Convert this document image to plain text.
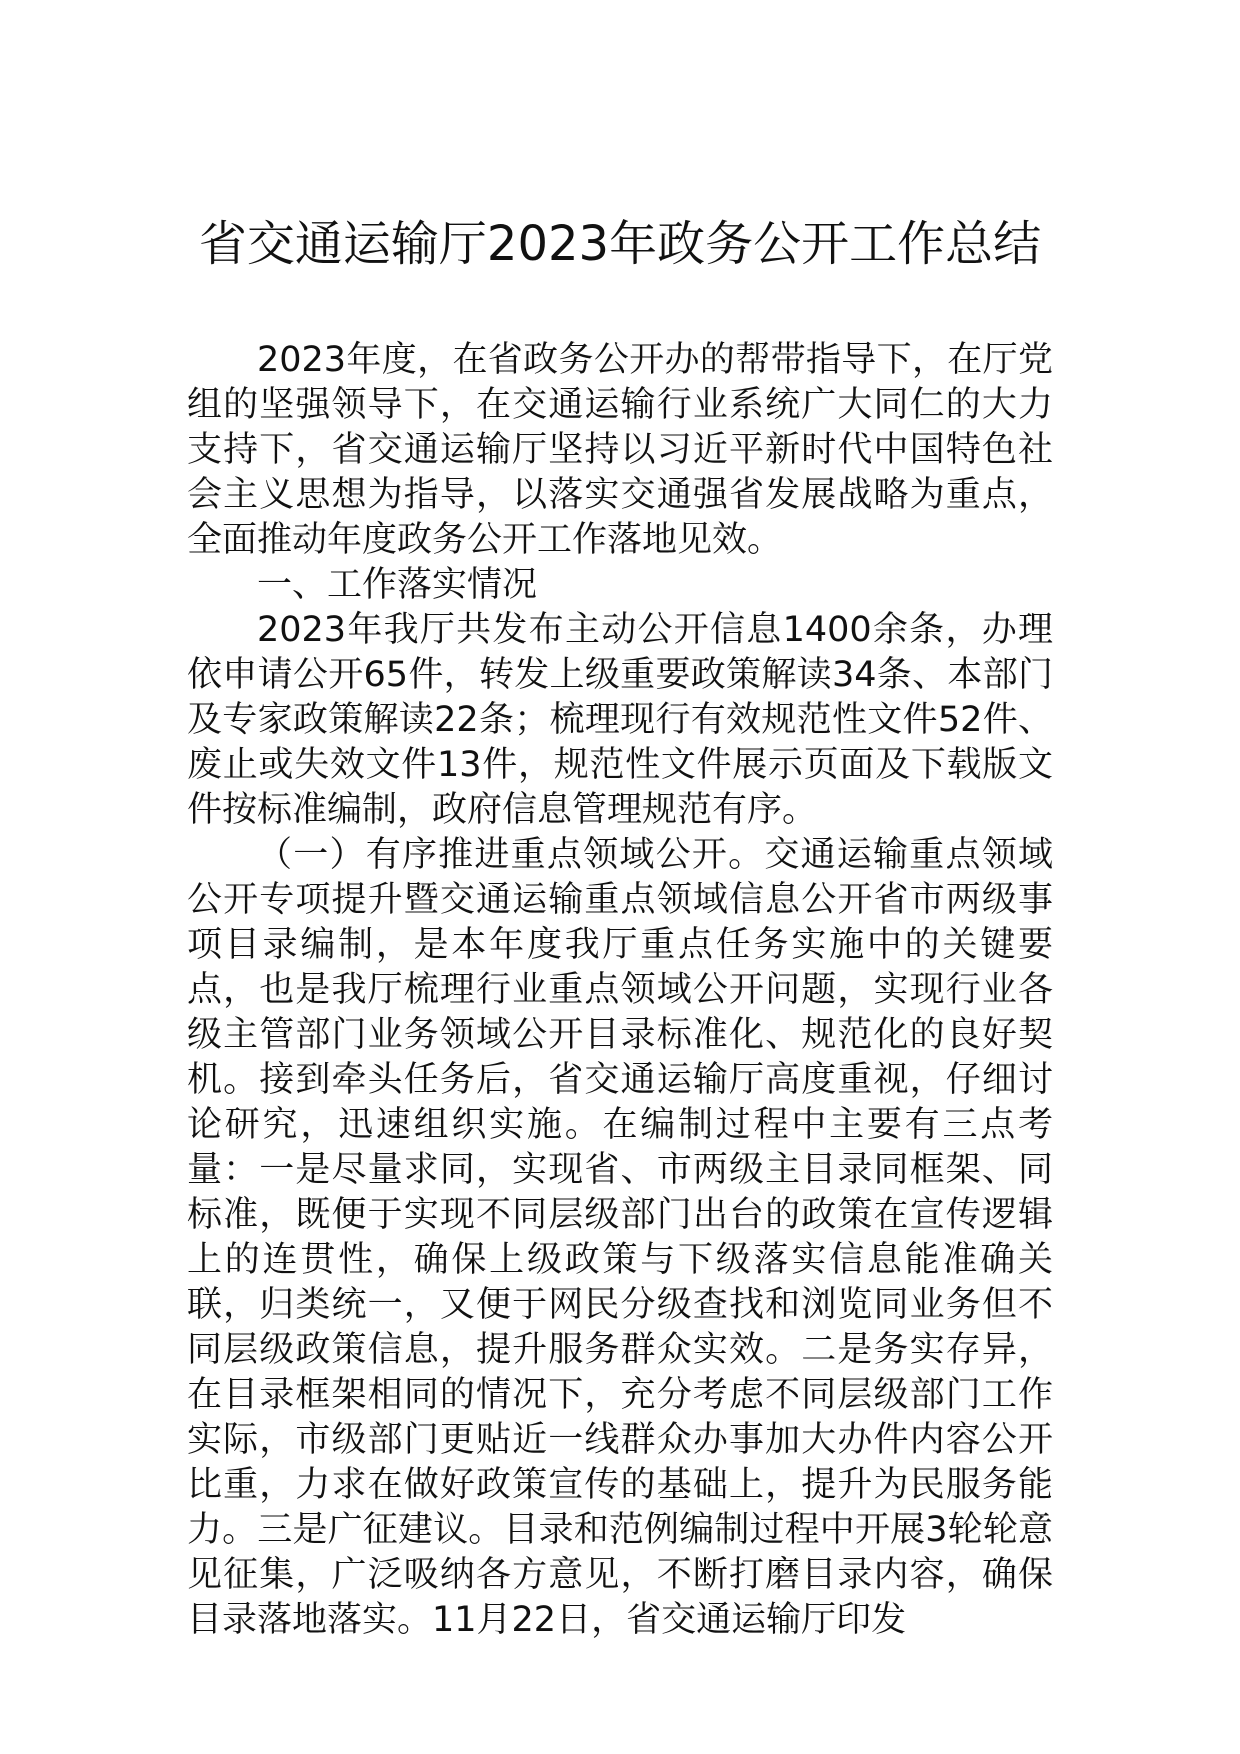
省交通运输厅2023年政务公开工作总结

2023年度，在省政务公开办的帮带指导下，在厅党组的坚强领导下，在交通运输行业系统广大同仁的大力支持下，省交通运输厅坚持以习近平新时代中国特色社会主义思想为指导，以落实交通强省发展战略为重点，全面推动年度政务公开工作落地见效。

一、工作落实情况

2023年我厅共发布主动公开信息1400余条，办理依申请公开65件，转发上级重要政策解读34条、本部门及专家政策解读22条；梳理现行有效规范性文件52件、废止或失效文件13件，规范性文件展示页面及下载版文件按标准编制，政府信息管理规范有序。

（一）有序推进重点领域公开。交通运输重点领域公开专项提升暨交通运输重点领域信息公开省市两级事项目录编制，是本年度我厅重点任务实施中的关键要点，也是我厅梳理行业重点领域公开问题，实现行业各级主管部门业务领域公开目录标准化、规范化的良好契机。接到牵头任务后，省交通运输厅高度重视，仔细讨论研究，迅速组织实施。在编制过程中主要有三点考量：一是尽量求同，实现省、市两级主目录同框架、同标准，既便于实现不同层级部门出台的政策在宣传逻辑上的连贯性，确保上级政策与下级落实信息能准确关联，归类统一，又便于网民分级查找和浏览同业务但不同层级政策信息，提升服务群众实效。二是务实存异，在目录框架相同的情况下，充分考虑不同层级部门工作实际，市级部门更贴近一线群众办事加大办件内容公开比重，力求在做好政策宣传的基础上，提升为民服务能力。三是广征建议。目录和范例编制过程中开展3轮轮意见征集，广泛吸纳各方意见，不断打磨目录内容，确保目录落地落实。11月22日，省交通运输厅印发
